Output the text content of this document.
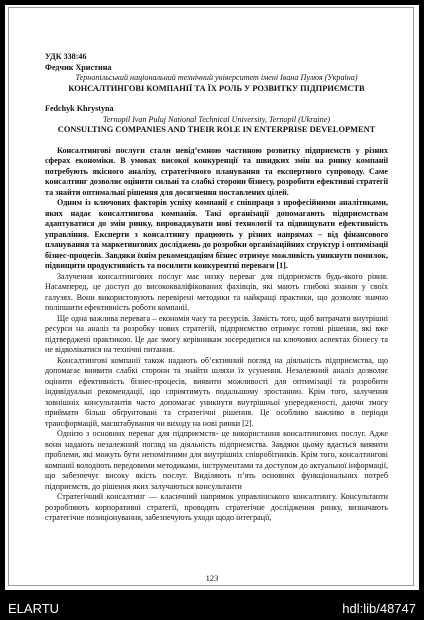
УДК 338:46
Федчик Христина
Тернопільський національний технічний університет імені Івана Пулюя (Україна)
КОНСАЛТИНГОВІ КОМПАНІЇ ТА ЇХ РОЛЬ У РОЗВИТКУ ПІДПРИЄМСТВ
Fedchyk Khrystyna
Ternopil Ivan Puluj National Technical University, Ternopil (Ukraine)
CONSULTING COMPANIES AND THEIR ROLE IN ENTERPRISE DEVELOPMENT

Консалтингові послуги стали невід’ємною частиною розвитку підприємств у різних сферах економіки. В умовах високої конкуренції та швидких змін на ринку компанії потребують якісного аналізу, стратегічного планування та експертного супроводу. Саме консалтинг дозволяє оцінити сильні та слабкі сторони бізнесу, розробити ефективні стратегії та знайти оптимальні рішення для досягнення поставлених цілей.

Одним із ключових факторів успіху компанії є співпраця з професійними аналітиками, яких надає консалтингова компанія. Такі організації допомагають підприємствам адаптуватися до змін ринку, впроваджувати нові технології та підвищувати ефективність управління. Експерти з консалтингу працюють у різних напрямах – від фінансового планування та маркетингових досліджень до розробки організаційних структур і оптимізації бізнес-процесів. Завдяки їхнім рекомендаціям бізнес отримує можливість уникнути помилок, підвищити продуктивність та посилити конкурентні переваги [1].

Залучення консалтингових послуг має низку переваг для підприємств будь-якого рівня. Насамперед, це доступ до висококваліфікованих фахівців, які мають глибокі знання у своїх галузях. Вони використовують перевірені методики та найкращі практики, що дозволяє значно поліпшити ефективність роботи компанії.

Ще одна важлива перевага – економія часу та ресурсів. Замість того, щоб витрачати внутрішні ресурси на аналіз та розробку нових стратегій, підприємство отримує готові рішення, які вже підтверджені практикою. Це дає змогу керівникам зосередитися на ключових аспектах бізнесу та не відволікатися на технічні питання.

Консалтингові компанії також надають об’єктивний погляд на діяльність підприємства, що допомагає виявити слабкі сторони та знайти шляхи їх усунення. Незалежний аналіз дозволяє оцінити ефективність бізнес-процесів, виявити можливості для оптимізації та розробити індивідуальні рекомендації, що сприятимуть подальшому зростанню. Крім того, залучення зовнішніх консультантів часто допомагає уникнути внутрішньої упередженості, даючи змогу приймати більш обґрунтовані та стратегічні рішення. Це особливо важливо в періоди трансформацій, масштабування чи виходу на нові ринки [2].

Однією з основних переваг для підприємств- це використання консалтингових послуг. Адже вони надають незалежний погляд на діяльність підприємства. Завдяки цьому вдається виявити проблеми, які можуть бути непомітними для внутрішніх співробітників. Крім того, консалтингові компанії володіють передовими методиками, інструментами та доступом до актуальної інформації, що забезпечує високу якість послуг. Виділяють п’ять основних функціональних потреб підприємств, до рішення яких залучаються консультанти

Стратегічний консалтинг — класичний напрямок управлінського консалтингу. Консультанти розробляють корпоративні стратегії, проводять стратегічне дослідження ринку, визначають стратегічне позиціонування, забезпечують уходи щодо інтеграції,

123
ELARTU	hdl:lib/48747
